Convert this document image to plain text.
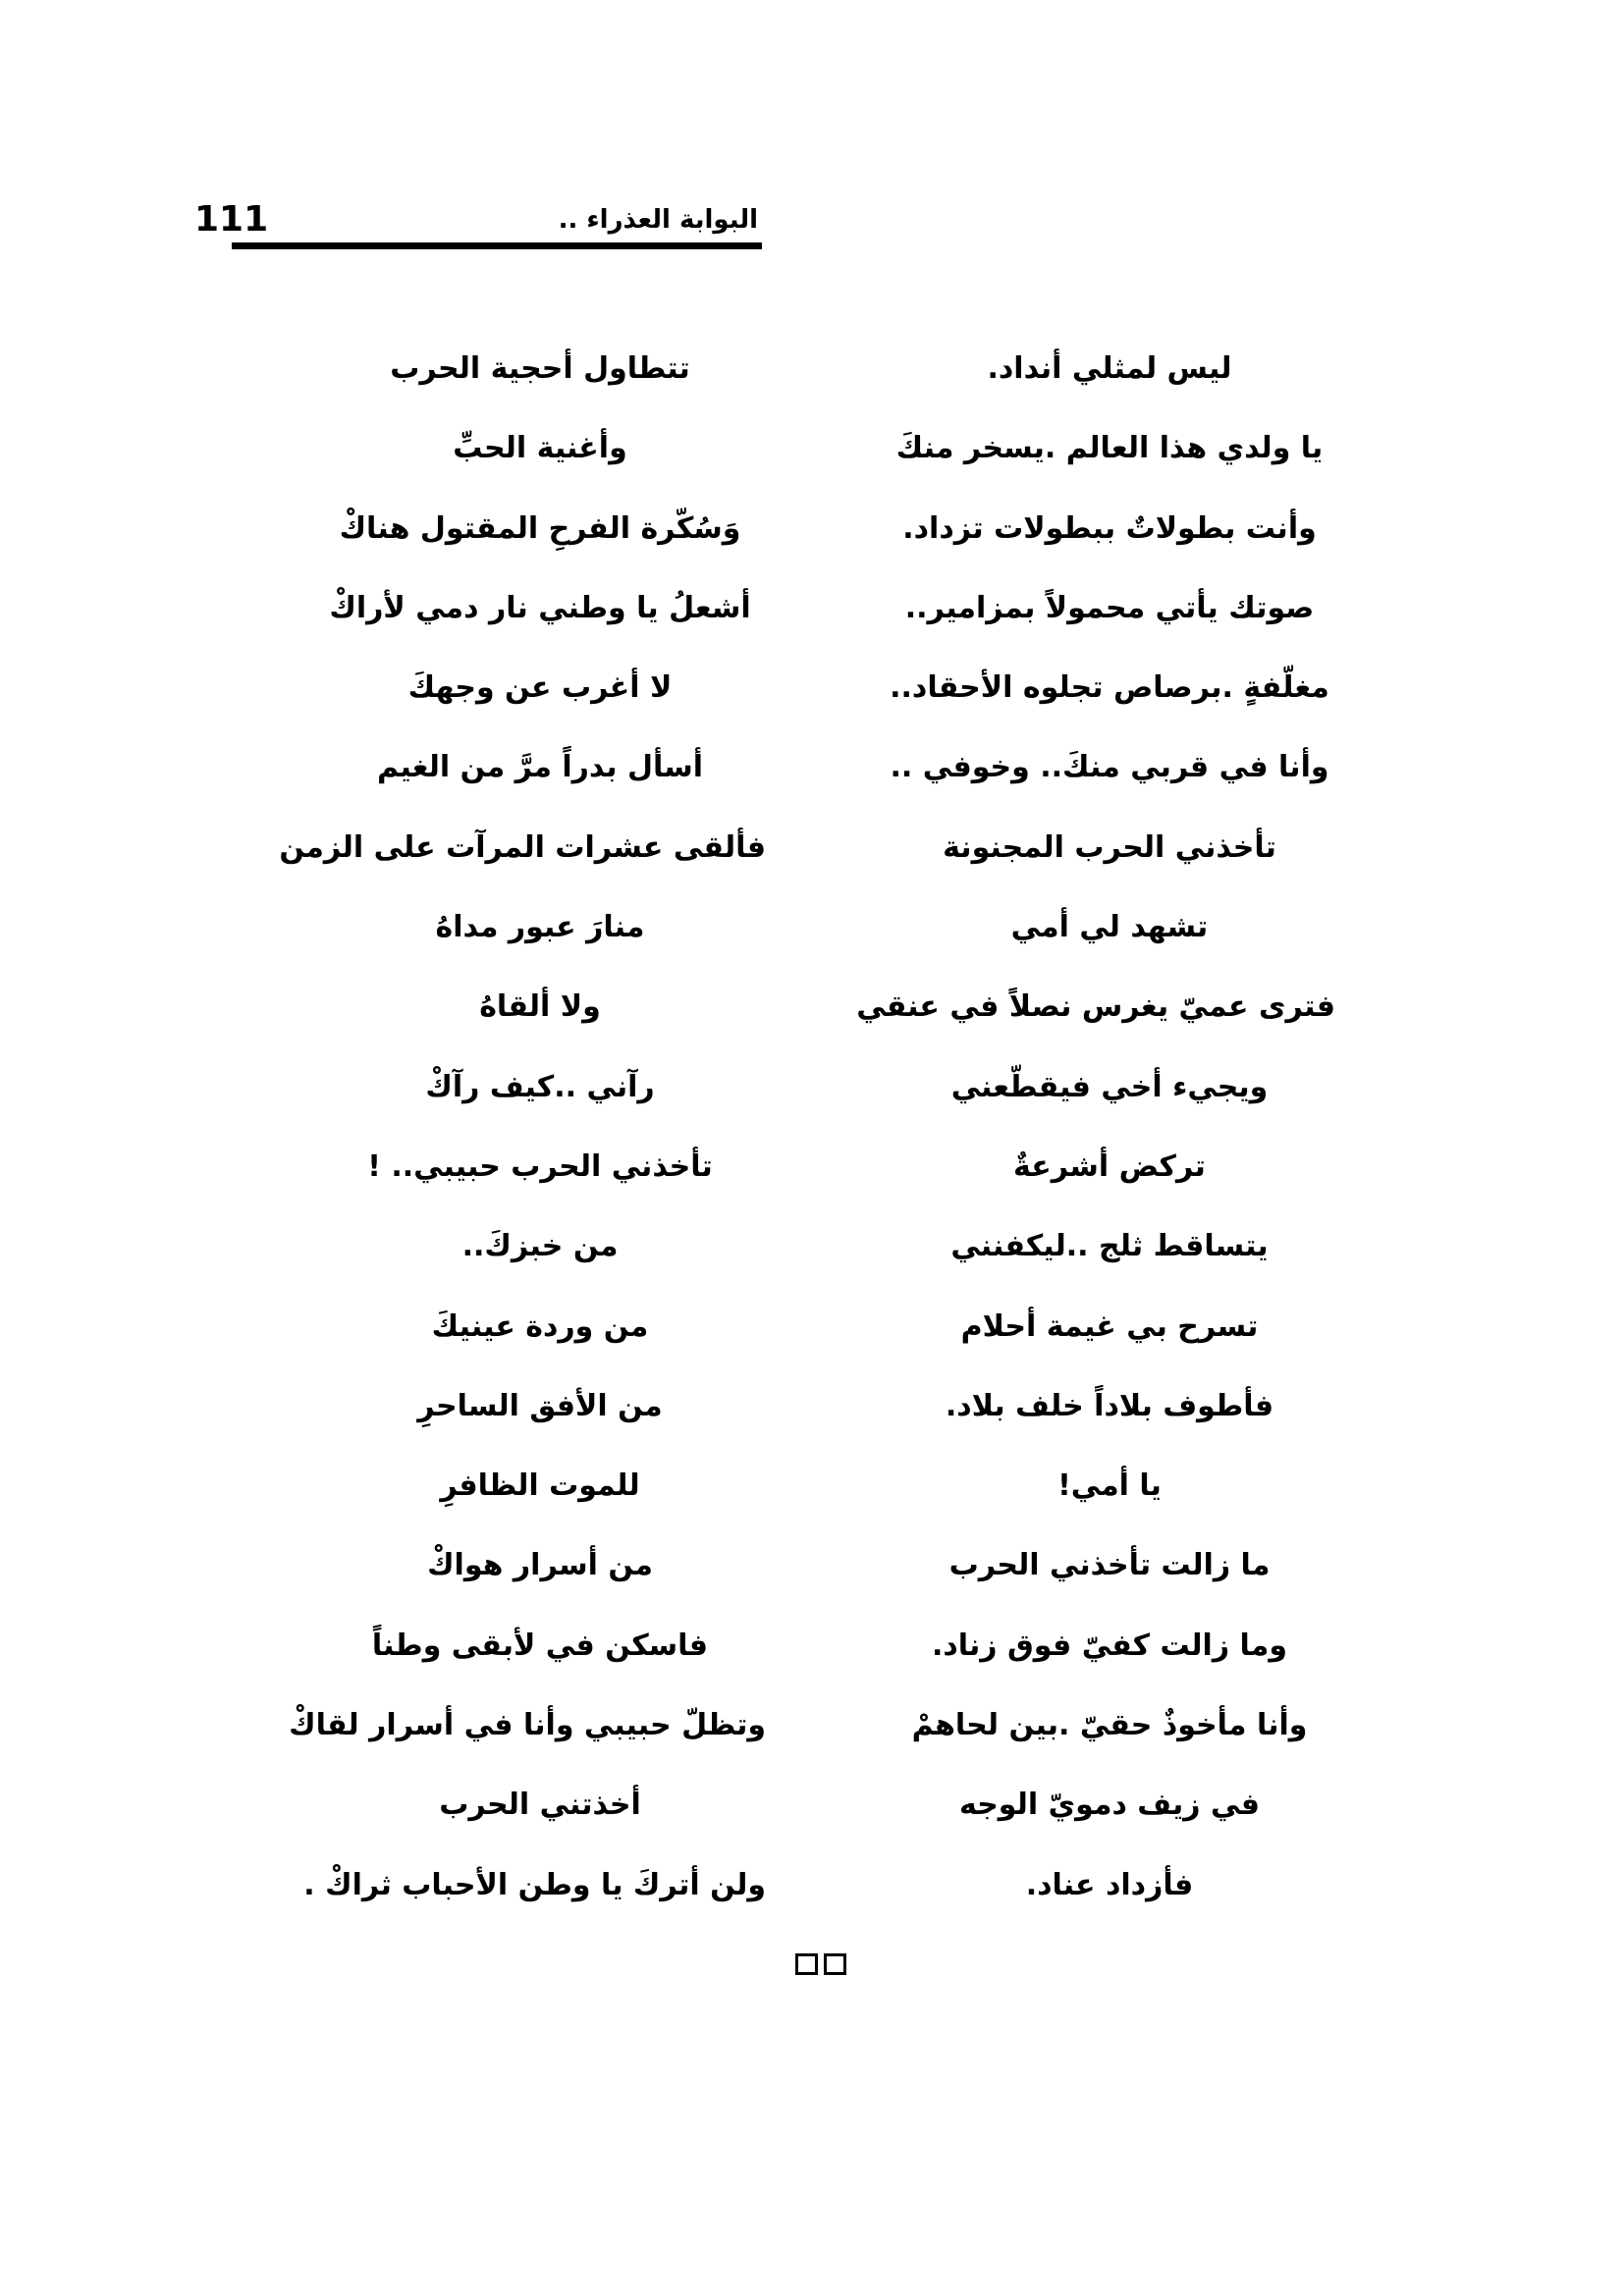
111	البوابة العذراء ..
ليس لمثلي أنداد.
يا ولدي هذا العالم .يسخر منكَ
وأنت بطولاتٌ ببطولات تزداد.
صوتك يأتي محمولاً بمزامير..
مغلّفةٍ .برصاص تجلوه الأحقاد..
وأنا في قربي منكَ.. وخوفي ..
تأخذني الحرب المجنونة
تشهد لي أمي
فترى عميّ يغرس نصلاً في عنقي
ويجيء أخي فيقطّعني
تركض أشرعةٌ
يتساقط ثلج ..ليكفنني
تسرح بي غيمة أحلام
فأطوف بلاداً خلف بلاد.
يا أمي!
ما زالت تأخذني الحرب
وما زالت كفيّ فوق زناد.
وأنا مأخوذٌ حقيّ .بين لحاهمْ
في زيف دمويّ الوجه
فأزداد عناد.
تتطاول أحجية الحرب
وأغنية الحبِّ
وَسُكّرة الفرحِ المقتول هناكْ
أشعلُ يا وطني نار دمي لأراكْ
لا أغرب عن وجهكَ
أسأل بدراً مرَّ من الغيم
فألقى عشرات المرآت على الزمن
منارَ عبور مداهُ
ولا ألقاهُ
رآني ..كيف رآكْ
تأخذني الحرب حبيبي.. !
من خبزكَ..
من وردة عينيكَ
من الأفق الساحرِ
للموت الظافرِ
من أسرار هواكْ
فاسكن في لأبقى وطناً
وتظلّ حبيبي وأنا في أسرار لقاكْ
أخذتني الحرب
ولن أتركَ يا وطن الأحباب ثراكْ .
